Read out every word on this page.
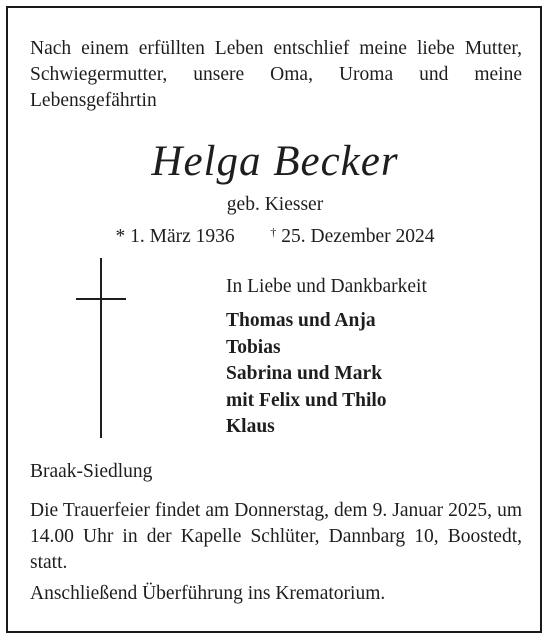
Nach einem erfüllten Leben entschlief meine liebe Mutter, Schwiegermutter, unsere Oma, Uroma und meine Lebensgefährtin

Helga Becker
geb. Kiesser
* 1. März 1936	† 25. Dezember 2024
In Liebe und Dankbarkeit
Thomas und Anja
Tobias
Sabrina und Mark
mit Felix und Thilo
Klaus
Braak-Siedlung

Die Trauerfeier findet am Donnerstag, dem 9. Januar 2025, um 14.00 Uhr in der Kapelle Schlüter, Dannbarg 10, Boostedt, statt.

Anschließend Überführung ins Krematorium.
